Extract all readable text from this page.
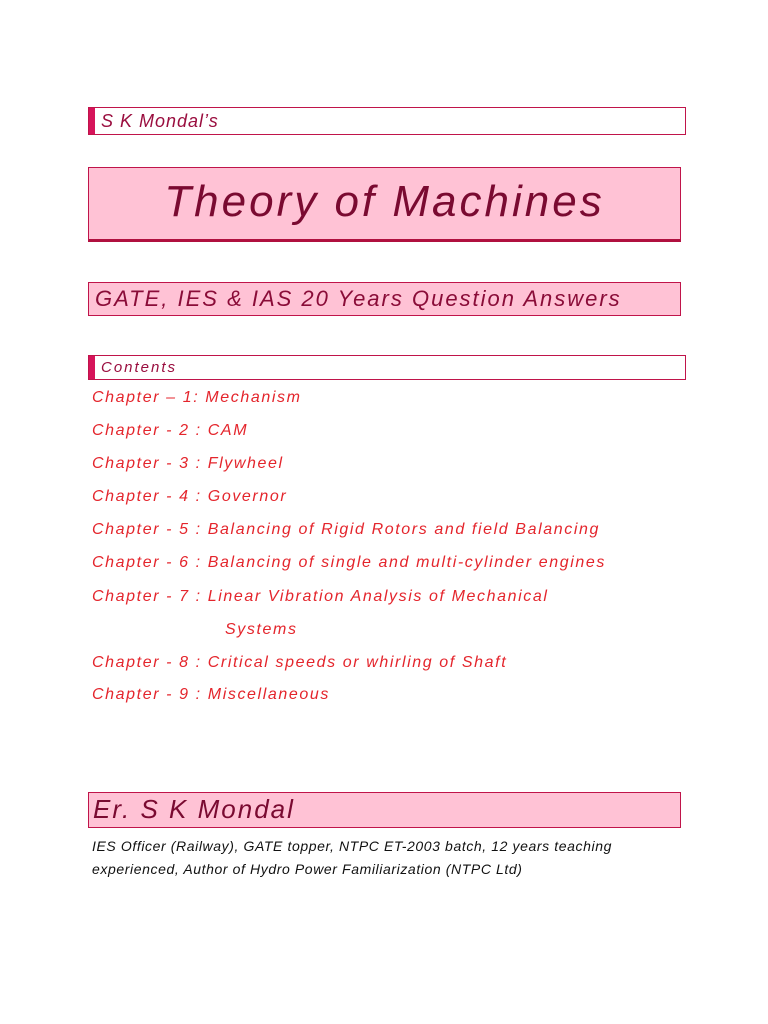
S K Mondal’s
Theory of Machines
GATE, IES & IAS 20 Years Question Answers
Contents
Chapter – 1: Mechanism
Chapter - 2 : CAM
Chapter - 3 : Flywheel
Chapter - 4 : Governor
Chapter - 5 : Balancing of Rigid Rotors and field Balancing
Chapter - 6 : Balancing of single and multi-cylinder engines
Chapter - 7 : Linear Vibration Analysis of Mechanical
Systems
Chapter - 8 : Critical speeds or whirling of Shaft
Chapter - 9 : Miscellaneous
Er. S K Mondal
IES Officer (Railway), GATE topper, NTPC ET-2003 batch, 12 years teaching
experienced, Author of Hydro Power Familiarization (NTPC Ltd)
